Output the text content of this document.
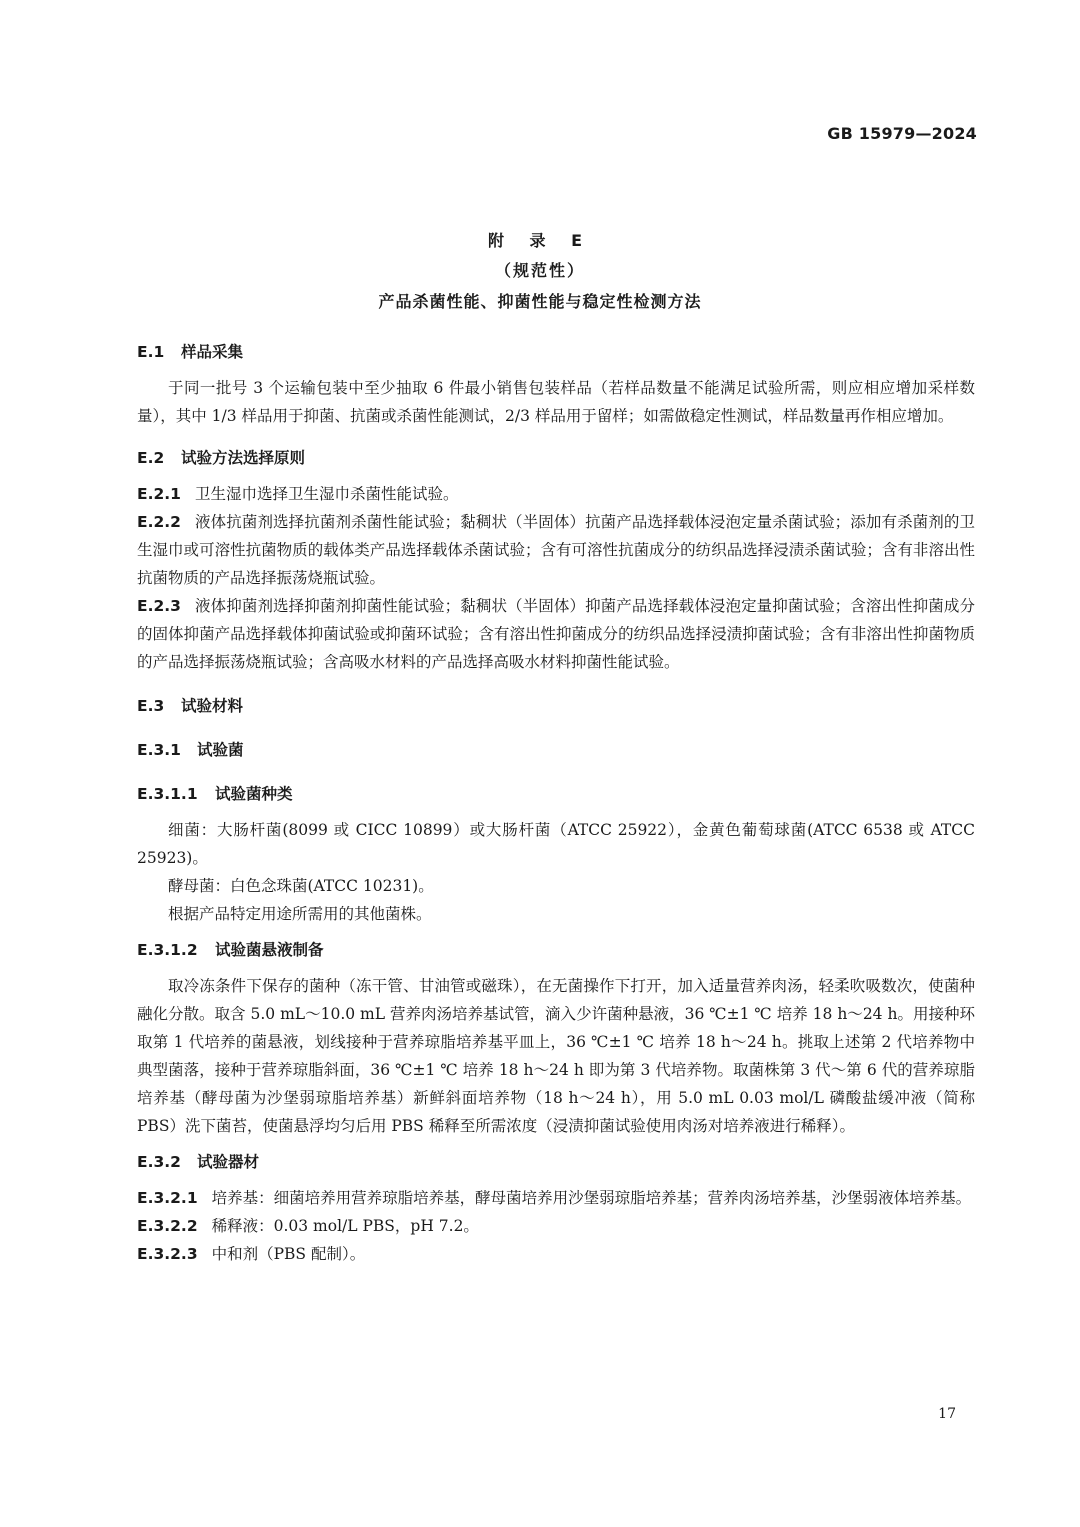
GB 15979—2024
附 录 E
（规范性）
产品杀菌性能、抑菌性能与稳定性检测方法
E.1 样品采集

于同一批号 3 个运输包装中至少抽取 6 件最小销售包装样品（若样品数量不能满足试验所需，则应相应增加采样数量），其中 1/3 样品用于抑菌、抗菌或杀菌性能测试，2/3 样品用于留样；如需做稳定性测试，样品数量再作相应增加。

E.2 试验方法选择原则

E.2.1 卫生湿巾选择卫生湿巾杀菌性能试验。

E.2.2 液体抗菌剂选择抗菌剂杀菌性能试验；黏稠状（半固体）抗菌产品选择载体浸泡定量杀菌试验；添加有杀菌剂的卫生湿巾或可溶性抗菌物质的载体类产品选择载体杀菌试验；含有可溶性抗菌成分的纺织品选择浸渍杀菌试验；含有非溶出性抗菌物质的产品选择振荡烧瓶试验。

E.2.3 液体抑菌剂选择抑菌剂抑菌性能试验；黏稠状（半固体）抑菌产品选择载体浸泡定量抑菌试验；含溶出性抑菌成分的固体抑菌产品选择载体抑菌试验或抑菌环试验；含有溶出性抑菌成分的纺织品选择浸渍抑菌试验；含有非溶出性抑菌物质的产品选择振荡烧瓶试验；含高吸水材料的产品选择高吸水材料抑菌性能试验。

E.3 试验材料
E.3.1 试验菌
E.3.1.1 试验菌种类

细菌：大肠杆菌(8099 或 CICC 10899）或大肠杆菌（ATCC 25922），金黄色葡萄球菌(ATCC 6538 或 ATCC 25923)。

酵母菌：白色念珠菌(ATCC 10231)。

根据产品特定用途所需用的其他菌株。

E.3.1.2 试验菌悬液制备

取冷冻条件下保存的菌种（冻干管、甘油管或磁珠），在无菌操作下打开，加入适量营养肉汤，轻柔吹吸数次，使菌种融化分散。取含 5.0 mL～10.0 mL 营养肉汤培养基试管，滴入少许菌种悬液，36 ℃±1 ℃ 培养 18 h～24 h。用接种环取第 1 代培养的菌悬液，划线接种于营养琼脂培养基平皿上，36 ℃±1 ℃ 培养 18 h～24 h。挑取上述第 2 代培养物中典型菌落，接种于营养琼脂斜面，36 ℃±1 ℃ 培养 18 h～24 h 即为第 3 代培养物。取菌株第 3 代～第 6 代的营养琼脂培养基（酵母菌为沙堡弱琼脂培养基）新鲜斜面培养物（18 h～24 h），用 5.0 mL 0.03 mol/L 磷酸盐缓冲液（简称 PBS）洗下菌苔，使菌悬浮均匀后用 PBS 稀释至所需浓度（浸渍抑菌试验使用肉汤对培养液进行稀释）。

E.3.2 试验器材

E.3.2.1 培养基：细菌培养用营养琼脂培养基，酵母菌培养用沙堡弱琼脂培养基；营养肉汤培养基，沙堡弱液体培养基。

E.3.2.2 稀释液：0.03 mol/L PBS，pH 7.2。

E.3.2.3 中和剂（PBS 配制）。

17
